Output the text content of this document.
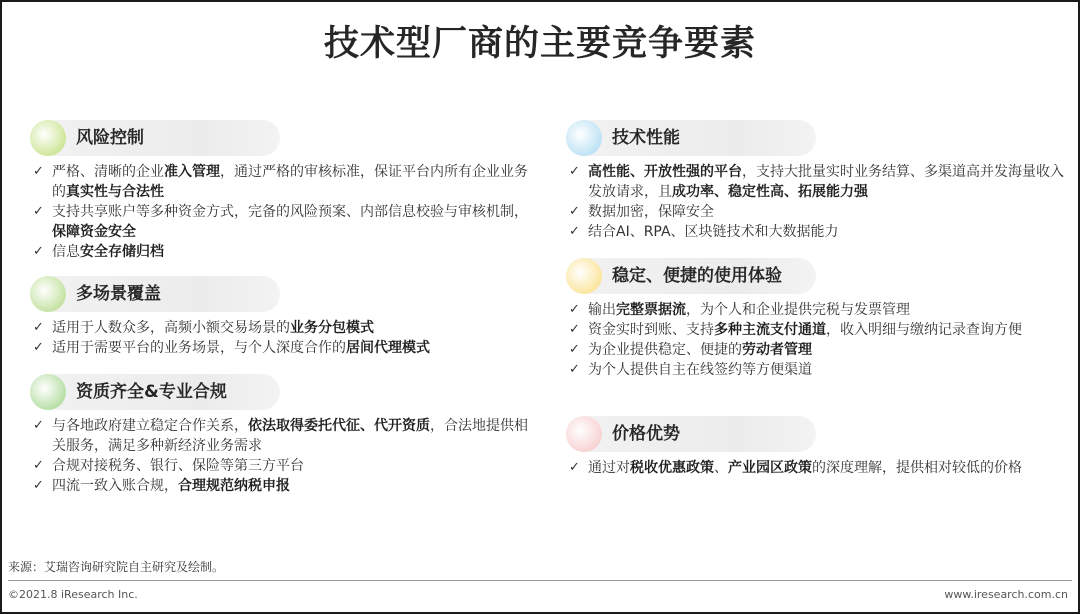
技术型厂商的主要竞争要素
风险控制
✓ 严格、清晰的企业准入管理，通过严格的审核标准，保证平台内所有企业业务的真实性与合法性
✓ 支持共享账户等多种资金方式，完备的风险预案、内部信息校验与审核机制，保障资金安全
✓ 信息安全存储归档
多场景覆盖
✓ 适用于人数众多，高频小额交易场景的业务分包模式
✓ 适用于需要平台的业务场景，与个人深度合作的居间代理模式
资质齐全&专业合规
✓ 与各地政府建立稳定合作关系，依法取得委托代征、代开资质，合法地提供相关服务，满足多种新经济业务需求
✓ 合规对接税务、银行、保险等第三方平台
✓ 四流一致入账合规，合理规范纳税申报
技术性能
✓ 高性能、开放性强的平台，支持大批量实时业务结算、多渠道高并发海量收入发放请求，且成功率、稳定性高、拓展能力强
✓ 数据加密，保障安全
✓ 结合AI、RPA、区块链技术和大数据能力
稳定、便捷的使用体验
✓ 输出完整票据流，为个人和企业提供完税与发票管理
✓ 资金实时到账、支持多种主流支付通道，收入明细与缴纳记录查询方便
✓ 为企业提供稳定、便捷的劳动者管理
✓ 为个人提供自主在线签约等方便渠道
价格优势
✓ 通过对税收优惠政策、产业园区政策的深度理解，提供相对较低的价格
来源：艾瑞咨询研究院自主研究及绘制。
©2021.8 iResearch Inc.	www.iresearch.com.cn
